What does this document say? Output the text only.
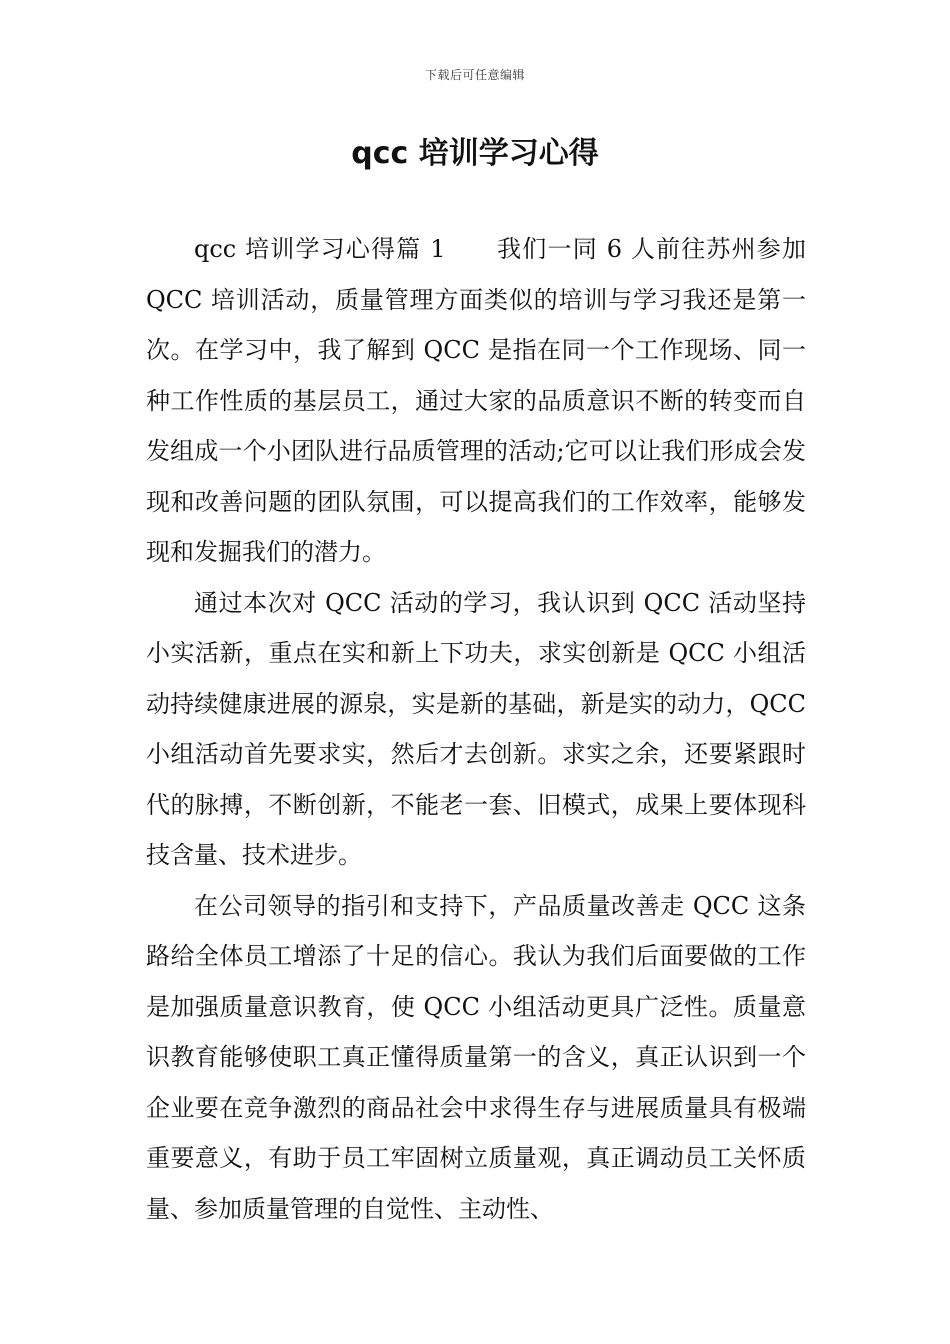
下载后可任意编辑
qcc 培训学习心得

qcc 培训学习心得篇 1　　我们一同 6 人前往苏州参加 QCC 培训活动，质量管理方面类似的培训与学习我还是第一次。在学习中，我了解到 QCC 是指在同一个工作现场、同一种工作性质的基层员工，通过大家的品质意识不断的转变而自发组成一个小团队进行品质管理的活动;它可以让我们形成会发现和改善问题的团队氛围，可以提高我们的工作效率，能够发现和发掘我们的潜力。

通过本次对 QCC 活动的学习，我认识到 QCC 活动坚持小实活新，重点在实和新上下功夫，求实创新是 QCC 小组活动持续健康进展的源泉，实是新的基础，新是实的动力，QCC 小组活动首先要求实，然后才去创新。求实之余，还要紧跟时代的脉搏，不断创新，不能老一套、旧模式，成果上要体现科技含量、技术进步。

在公司领导的指引和支持下，产品质量改善走 QCC 这条路给全体员工增添了十足的信心。我认为我们后面要做的工作是加强质量意识教育，使 QCC 小组活动更具广泛性。质量意识教育能够使职工真正懂得质量第一的含义，真正认识到一个企业要在竞争激烈的商品社会中求得生存与进展质量具有极端重要意义，有助于员工牢固树立质量观，真正调动员工关怀质量、参加质量管理的自觉性、主动性、
